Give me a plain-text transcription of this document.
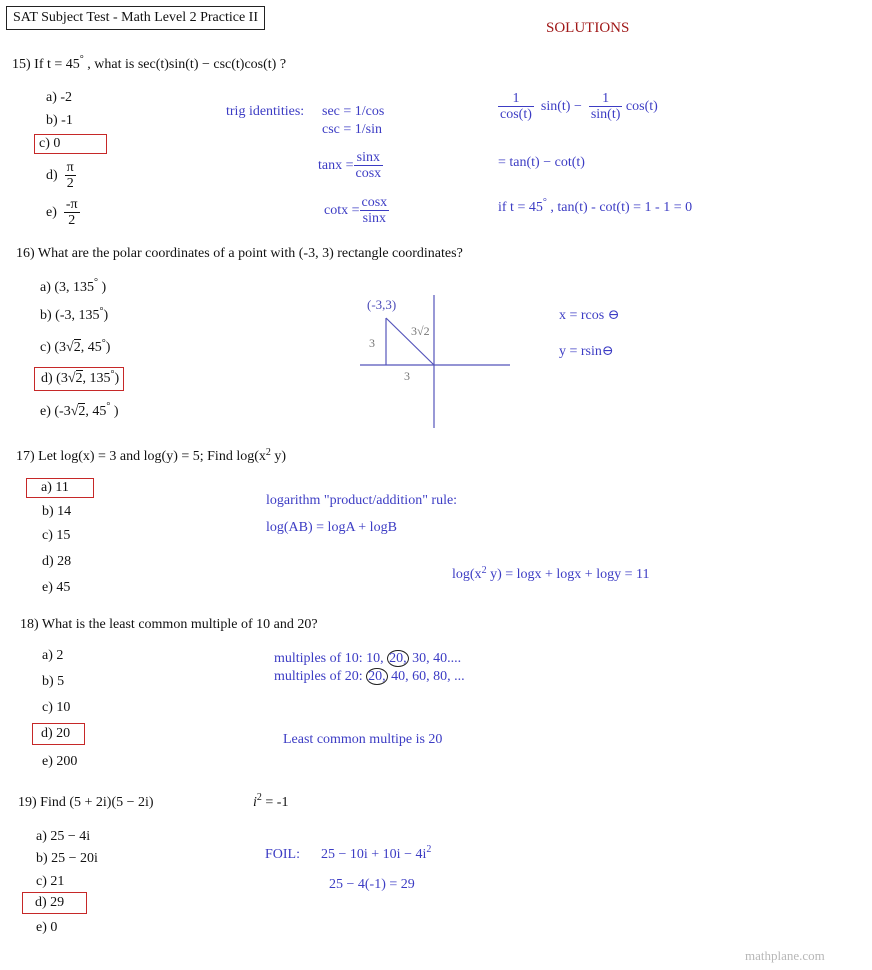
SAT Subject Test - Math Level 2 Practice II
SOLUTIONS
15) If t = 45° , what is sec(t)sin(t) − csc(t)cos(t) ?
a) -2
b) -1
c) 0
$d) \frac{\pi}{2}$
$e) \frac{-\pi}{2}$
trig identities: sec = 1/cos
csc = 1/sin
$\tan x = \frac{\sin x}{\cos x}$
$\cot x = \frac{\cos x}{\sin x}$
$\frac{1}{\cos(t)} \sin(t) - \frac{1}{\sin(t)} \cos(t)$
= tan(t) − cot(t)
if t = 45° , tan(t) - cot(t) = 1 - 1 = 0
16) What are the polar coordinates of a point with (-3, 3) rectangle coordinates?
a) (3, 135° )
b) (-3, 135°)
c) (3√2, 45°)
d) (3√2, 135°)
e) (-3√2, 45° )
(-3,3)
3
3√2
3
x = rcos ⊖
y = rsin⊖
17) Let log(x) = 3 and log(y) = 5; Find $\log(x^2$ y)
a) 11
b) 14
c) 15
d) 28
e) 45
logarithm "product/addition" rule:
log(AB) = logA + logB
$\log(x^2$ y) = logx + logx + logy = 11
18) What is the least common multiple of 10 and 20?
a) 2
b) 5
c) 10
d) 20
e) 200
multiples of 10: 10, 20, 30, 40....
multiples of 20: 20, 40, 60, 80, ...
Least common multipe is 20
19) Find (5 + 2i)(5 − 2i)	$i^2 = -1$
a) 25 − 4i
b) 25 − 20i
c) 21
d) 29
e) 0
FOIL: $25 - 10i + 10i - 4i^2$
25 − 4(-1) = 29
mathplane.com
